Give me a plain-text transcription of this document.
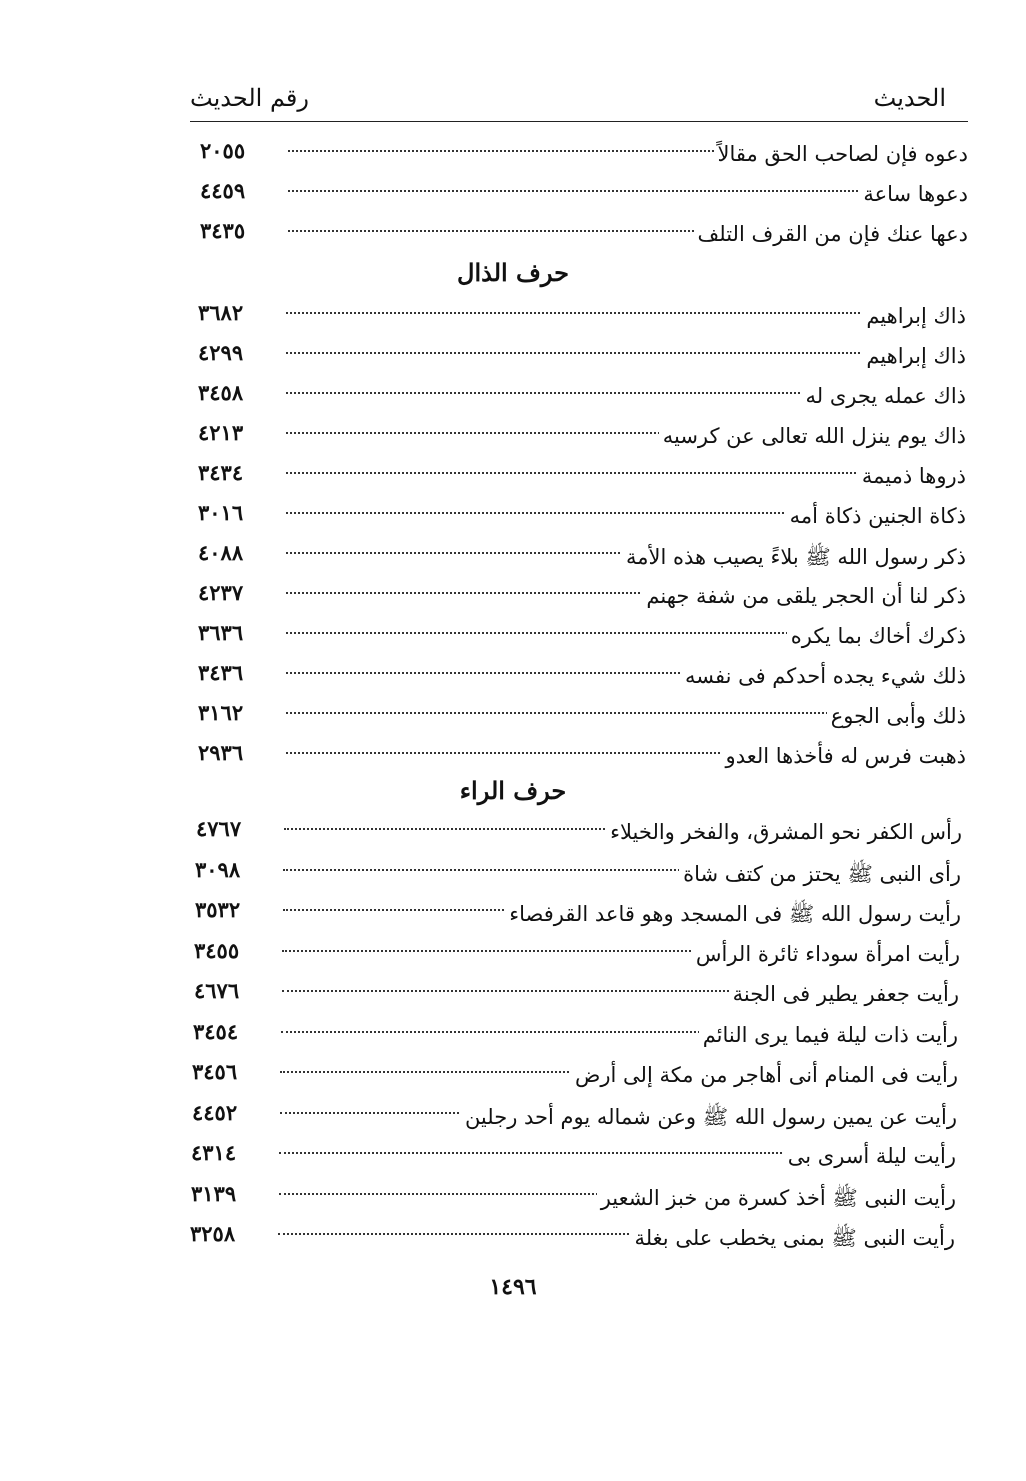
الحديث
رقم الحديث
٢٠٥٥	دعوه فإن لصاحب الحق مقالاً
٤٤٥٩	دعوها ساعة
٣٤٣٥	دعها عنك فإن من القرف التلف
حرف الذال
٣٦٨٢	ذاك إبراهيم
٤٢٩٩	ذاك إبراهيم
٣٤٥٨	ذاك عمله يجرى له
٤٢١٣	ذاك يوم ينزل الله تعالى عن كرسيه
٣٤٣٤	ذروها ذميمة
٣٠١٦	ذكاة الجنين ذكاة أمه
٤٠٨٨	ذكر رسول الله ﷺ بلاءً يصيب هذه الأمة
٤٢٣٧	ذكر لنا أن الحجر يلقى من شفة جهنم
٣٦٣٦	ذكرك أخاك بما يكره
٣٤٣٦	ذلك شيء يجده أحدكم فى نفسه
٣١٦٢	ذلك وأبى الجوع
٢٩٣٦	ذهبت فرس له فأخذها العدو
حرف الراء
٤٧٦٧	رأس الكفر نحو المشرق، والفخر والخيلاء
٣٠٩٨	رأى النبى ﷺ يحتز من كتف شاة
٣٥٣٢	رأيت رسول الله ﷺ فى المسجد وهو قاعد القرفصاء
٣٤٥٥	رأيت امرأة سوداء ثائرة الرأس
٤٦٧٦	رأيت جعفر يطير فى الجنة
٣٤٥٤	رأيت ذات ليلة فيما يرى النائم
٣٤٥٦	رأيت فى المنام أنى أهاجر من مكة إلى أرض
٤٤٥٢	رأيت عن يمين رسول الله ﷺ وعن شماله يوم أحد رجلين
٤٣١٤	رأيت ليلة أسرى بى
٣١٣٩	رأيت النبى ﷺ أخذ كسرة من خبز الشعير
٣٢٥٨	رأيت النبى ﷺ بمنى يخطب على بغلة
١٤٩٦
